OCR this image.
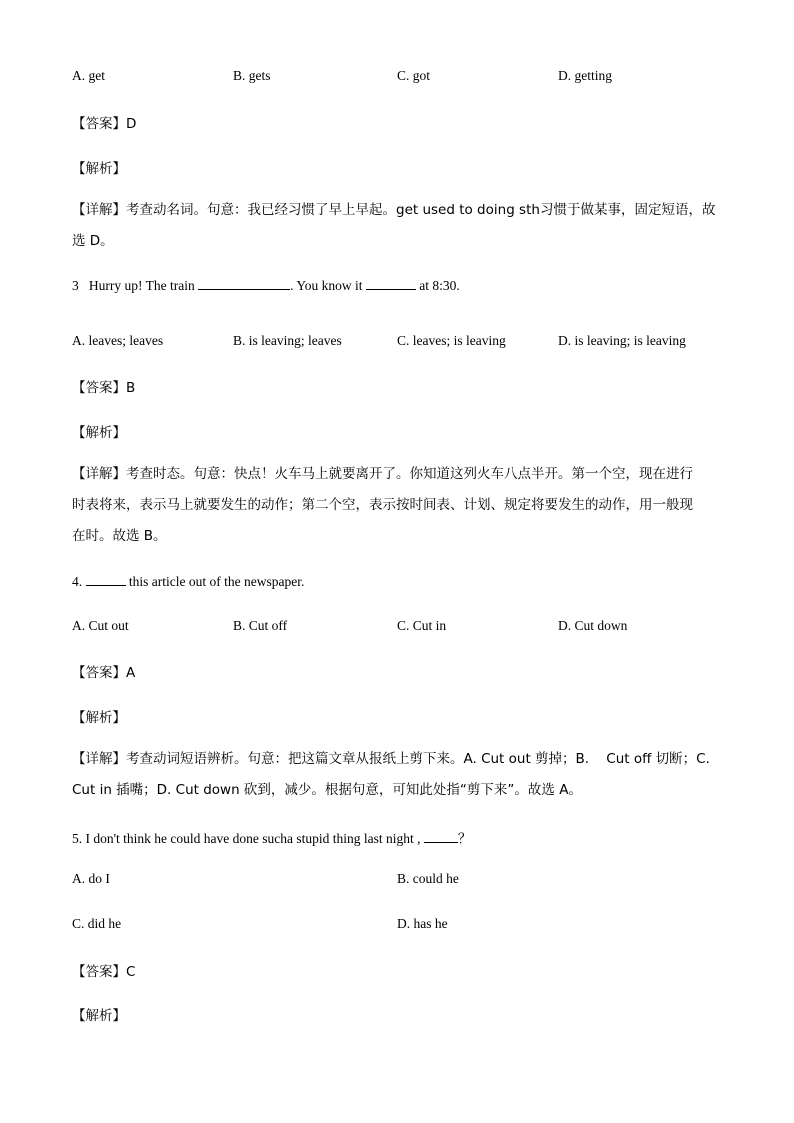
A. get	B. gets	C. got	D. getting
【答案】D
【解析】
【详解】考查动名词。句意：我已经习惯了早上早起。get used to doing sth习惯于做某事，固定短语，故
选 D。
3 Hurry up! The train	. You know it	at 8:30.
A. leaves; leaves	B. is leaving; leaves	C. leaves; is leaving	D. is leaving; is leaving
【答案】B
【解析】
【详解】考查时态。句意：快点！火车马上就要离开了。你知道这列火车八点半开。第一个空，现在进行
时表将来，表示马上就要发生的动作；第二个空，表示按时间表、计划、规定将要发生的动作，用一般现
在时。故选 B。
4.	this article out of the newspaper.
A. Cut out	B. Cut off	C. Cut in	D. Cut down
【答案】A
【解析】
【详解】考查动词短语辨析。句意：把这篇文章从报纸上剪下来。A. Cut out 剪掉；B.    Cut off 切断；C.
Cut in 插嘴；D. Cut down 砍到，减少。根据句意，可知此处指“剪下来”。故选 A。
5. I don't think he could have done sucha stupid thing last night ,	？
A. do I	B. could he
C. did he	D. has he
【答案】C
【解析】
